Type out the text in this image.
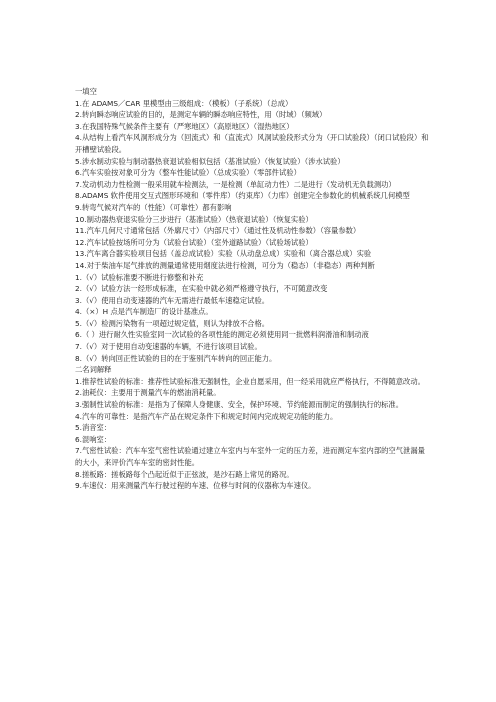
一填空
1.在 ADAMS／CAR 里模型由三级组成：（模板）（子系统）（总成）
2.转向瞬态响应试验的目的，是测定车辆的瞬态响应特性，用（时域）（频域）
3.在我国特殊气候条件主要有（严寒地区）（高原地区）（湿热地区）
4.从结构上看汽车风洞形成分为（回流式）和（直流式）风洞试验段形式分为（开口试验段）（闭口试验段）和开槽壁试验段。
5.涉水制动实验与制动器热衰退试验相似包括（基准试验）（恢复试验）（涉水试验）
6.汽车实验按对象可分为（整车性能试验）（总成实验）（零部件试验）
7.发动机动力性检测一般采用就车检测法，一是检测（单缸动力性）二是进行（发动机无负载测功）
8.ADAMS 软件使用交互式图形环境和（零件库）（约束库）（力库）创建完全参数化的机械系统几何模型
9.转弯气候对汽车的（性能）（可靠性）都有影响
10.制动器热衰退实验分三步进行（基准试验）（热衰退试验）（恢复实验）
11.汽车几何尺寸通常包括（外廓尺寸）（内部尺寸）（通过性及机动性参数）（容量参数）
12.汽车试验按场所可分为（试验台试验）（室外道路试验）（试验场试验）
13.汽车离合器实验项目包括（盖总成试验）实验（从动盘总成）实验和（离合器总成）实验
14.对于柴油车尾气排放的测量通常使用烟度法进行检测，可分为（稳态）（非稳态）两种判断
1.（√）试验标准要不断进行修整和补充
2.（√）试验方法一经形成标准，在实验中就必须严格遵守执行，不可随意改变
3.（√）使用自动变速器的汽车无需进行最低车速稳定试验。
4.（×）H 点是汽车制造厂的设计基准点。
5.（√）检测污染物有一项超过规定值，则认为排放不合格。
6.（ ）进行耐久性实验室同一次试验的各项性能的测定必须使用同一批燃料润滑油和制动液
7.（√）对于使用自动变速器的车辆，不进行该项目试验。
8.（√）转向回正性试验的目的在于鉴别汽车转向的回正能力。
二名词解释
1.推荐性试验的标准：推荐性试验标准无强制性，企业自愿采用，但一经采用就应严格执行，不得随意改动。
2.油耗仪：主要用于测量汽车的燃油消耗量。
3.强制性试验的标准：是指为了保障人身健康、安全，保护环境、节约能源而制定的强制执行的标准。
4.汽车的可靠性：是指汽车产品在规定条件下和规定时间内完成规定功能的能力。
5.消音室：
6.混响室：
7.气密性试验：汽车车室气密性试验通过建立车室内与车室外一定的压力差，进而测定车室内部的空气泄漏量的大小，来评价汽车车室的密封性能。
8.搓板路：搓板路每个凸起近似于正弦波，是沙石路上常见的路况。
9.车速仪：用来测量汽车行驶过程的车速、位移与时间的仪器称为车速仪。
